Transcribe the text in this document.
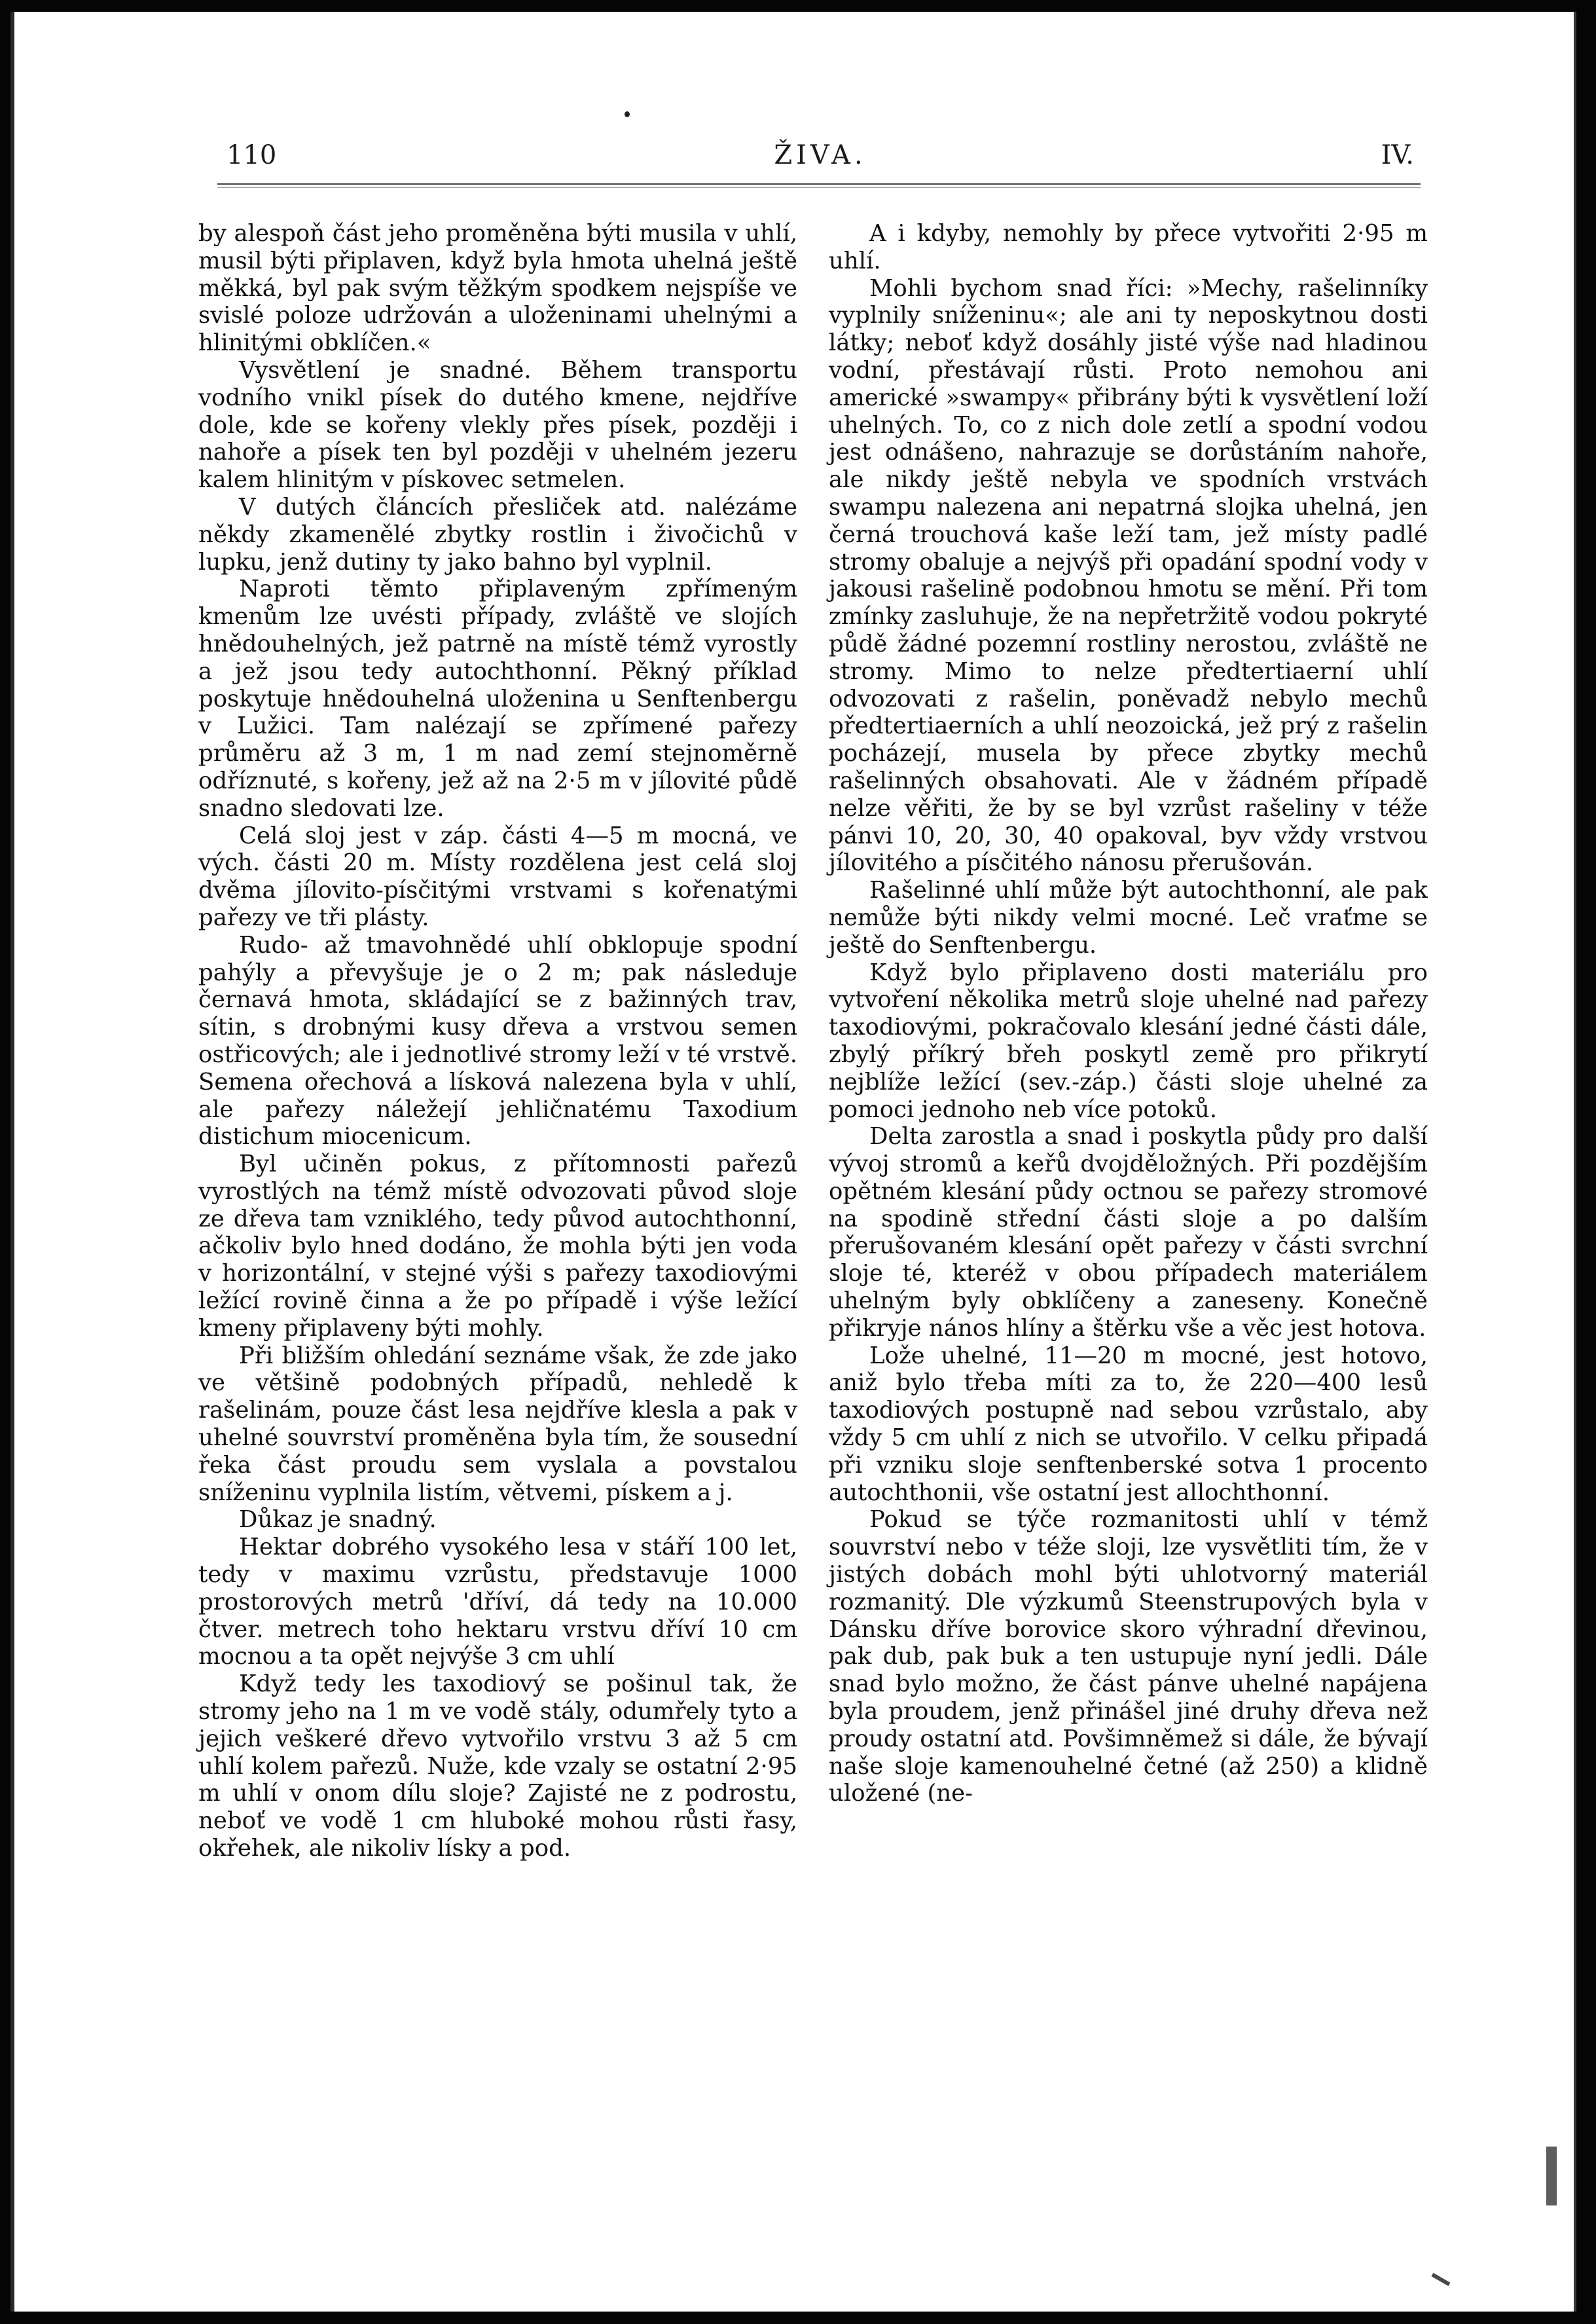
110	ŽIVA.	IV.

by alespoň část jeho proměněna býti musila v uhlí, musil býti připlaven, když byla hmota uhelná ještě měkká, byl pak svým těžkým spodkem nejspíše ve svislé poloze udržován a uloženinami uhelnými a hlinitými obklíčen.«

Vysvětlení je snadné. Během transportu vodního vnikl písek do dutého kmene, nejdříve dole, kde se kořeny vlekly přes písek, později i nahoře a písek ten byl později v uhelném jezeru kalem hlinitým v pískovec setmelen.

V dutých článcích přesliček atd. nalézáme někdy zkamenělé zbytky rostlin i živočichů v lupku, jenž dutiny ty jako bahno byl vyplnil.

Naproti těmto připlaveným zpřímeným kmenům lze uvésti případy, zvláště ve slojích hnědouhelných, jež patrně na místě témž vyrostly a jež jsou tedy autochthonní. Pěkný příklad poskytuje hnědouhelná uloženina u Senftenbergu v Lužici. Tam nalézají se zpřímené pařezy průměru až 3 m, 1 m nad zemí stejnoměrně odříznuté, s kořeny, jež až na 2·5 m v jílovité půdě snadno sledovati lze.

Celá sloj jest v záp. části 4—5 m mocná, ve vých. části 20 m. Místy rozdělena jest celá sloj dvěma jílovito-písčitými vrstvami s kořenatými pařezy ve tři plásty.

Rudo- až tmavohnědé uhlí obklopuje spodní pahýly a převyšuje je o 2 m; pak následuje černavá hmota, skládající se z bažinných trav, sítin, s drobnými kusy dřeva a vrstvou semen ostřicových; ale i jednotlivé stromy leží v té vrstvě. Semena ořechová a lísková nalezena byla v uhlí, ale pařezy náležejí jehličnatému Taxodium distichum miocenicum.

Byl učiněn pokus, z přítomnosti pařezů vyrostlých na témž místě odvozovati původ sloje ze dřeva tam vzniklého, tedy původ autochthonní, ačkoliv bylo hned dodáno, že mohla býti jen voda v horizontální, v stejné výši s pařezy taxodiovými ležící rovině činna a že po případě i výše ležící kmeny připlaveny býti mohly.

Při bližším ohledání seznáme však, že zde jako ve většině podobných případů, nehledě k rašelinám, pouze část lesa nejdříve klesla a pak v uhelné souvrství proměněna byla tím, že sousední řeka část proudu sem vyslala a povstalou sníženinu vyplnila listím, větvemi, pískem a j.

Důkaz je snadný.

Hektar dobrého vysokého lesa v stáří 100 let, tedy v maximu vzrůstu, představuje 1000 prostorových metrů 'dříví, dá tedy na 10.000 čtver. metrech toho hektaru vrstvu dříví 10 cm mocnou a ta opět nejvýše 3 cm uhlí

Když tedy les taxodiový se pošinul tak, že stromy jeho na 1 m ve vodě stály, odumřely tyto a jejich veškeré dřevo vytvořilo vrstvu 3 až 5 cm uhlí kolem pařezů. Nuže, kde vzaly se ostatní 2·95 m uhlí v onom dílu sloje? Zajisté ne z podrostu, neboť ve vodě 1 cm hluboké mohou růsti řasy, okřehek, ale nikoliv lísky a pod.

A i kdyby, nemohly by přece vytvořiti 2·95 m uhlí.

Mohli bychom snad říci: »Mechy, rašelinníky vyplnily sníženinu«; ale ani ty neposkytnou dosti látky; neboť když dosáhly jisté výše nad hladinou vodní, přestávají růsti. Proto nemohou ani americké »swampy« přibrány býti k vysvětlení loží uhelných. To, co z nich dole zetlí a spodní vodou jest odnášeno, nahrazuje se dorůstáním nahoře, ale nikdy ještě nebyla ve spodních vrstvách swampu nalezena ani nepatrná slojka uhelná, jen černá trouchová kaše leží tam, jež místy padlé stromy obaluje a nejvýš při opadání spodní vody v jakousi rašelině podobnou hmotu se mění. Při tom zmínky zasluhuje, že na nepřetržitě vodou pokryté půdě žádné pozemní rostliny nerostou, zvláště ne stromy. Mimo to nelze předtertiaerní uhlí odvozovati z rašelin, poněvadž nebylo mechů předtertiaerních a uhlí neozoická, jež prý z rašelin pocházejí, musela by přece zbytky mechů rašelinných obsahovati. Ale v žádném případě nelze věřiti, že by se byl vzrůst rašeliny v téže pánvi 10, 20, 30, 40 opakoval, byv vždy vrstvou jílovitého a písčitého nánosu přerušován.

Rašelinné uhlí může být autochthonní, ale pak nemůže býti nikdy velmi mocné. Leč vraťme se ještě do Senftenbergu.

Když bylo připlaveno dosti materiálu pro vytvoření několika metrů sloje uhelné nad pařezy taxodiovými, pokračovalo klesání jedné části dále, zbylý příkrý břeh poskytl země pro přikrytí nejblíže ležící (sev.-záp.) části sloje uhelné za pomoci jednoho neb více potoků.

Delta zarostla a snad i poskytla půdy pro další vývoj stromů a keřů dvojděložných. Při pozdějším opětném klesání půdy octnou se pařezy stromové na spodině střední části sloje a po dalším přerušovaném klesání opět pařezy v části svrchní sloje té, kteréž v obou případech materiálem uhelným byly obklíčeny a zaneseny. Konečně přikryje nános hlíny a štěrku vše a věc jest hotova.

Lože uhelné, 11—20 m mocné, jest hotovo, aniž bylo třeba míti za to, že 220—400 lesů taxodiových postupně nad sebou vzrůstalo, aby vždy 5 cm uhlí z nich se utvořilo. V celku připadá při vzniku sloje senftenberské sotva 1 procento autochthonii, vše ostatní jest allochthonní.

Pokud se týče rozmanitosti uhlí v témž souvrství nebo v téže sloji, lze vysvětliti tím, že v jistých dobách mohl býti uhlotvorný materiál rozmanitý. Dle výzkumů Steenstrupových byla v Dánsku dříve borovice skoro výhradní dřevinou, pak dub, pak buk a ten ustupuje nyní jedli. Dále snad bylo možno, že část pánve uhelné napájena byla proudem, jenž přinášel jiné druhy dřeva než proudy ostatní atd. Povšimněmež si dále, že bývají naše sloje kamenouhelné četné (až 250) a klidně uložené (ne-
